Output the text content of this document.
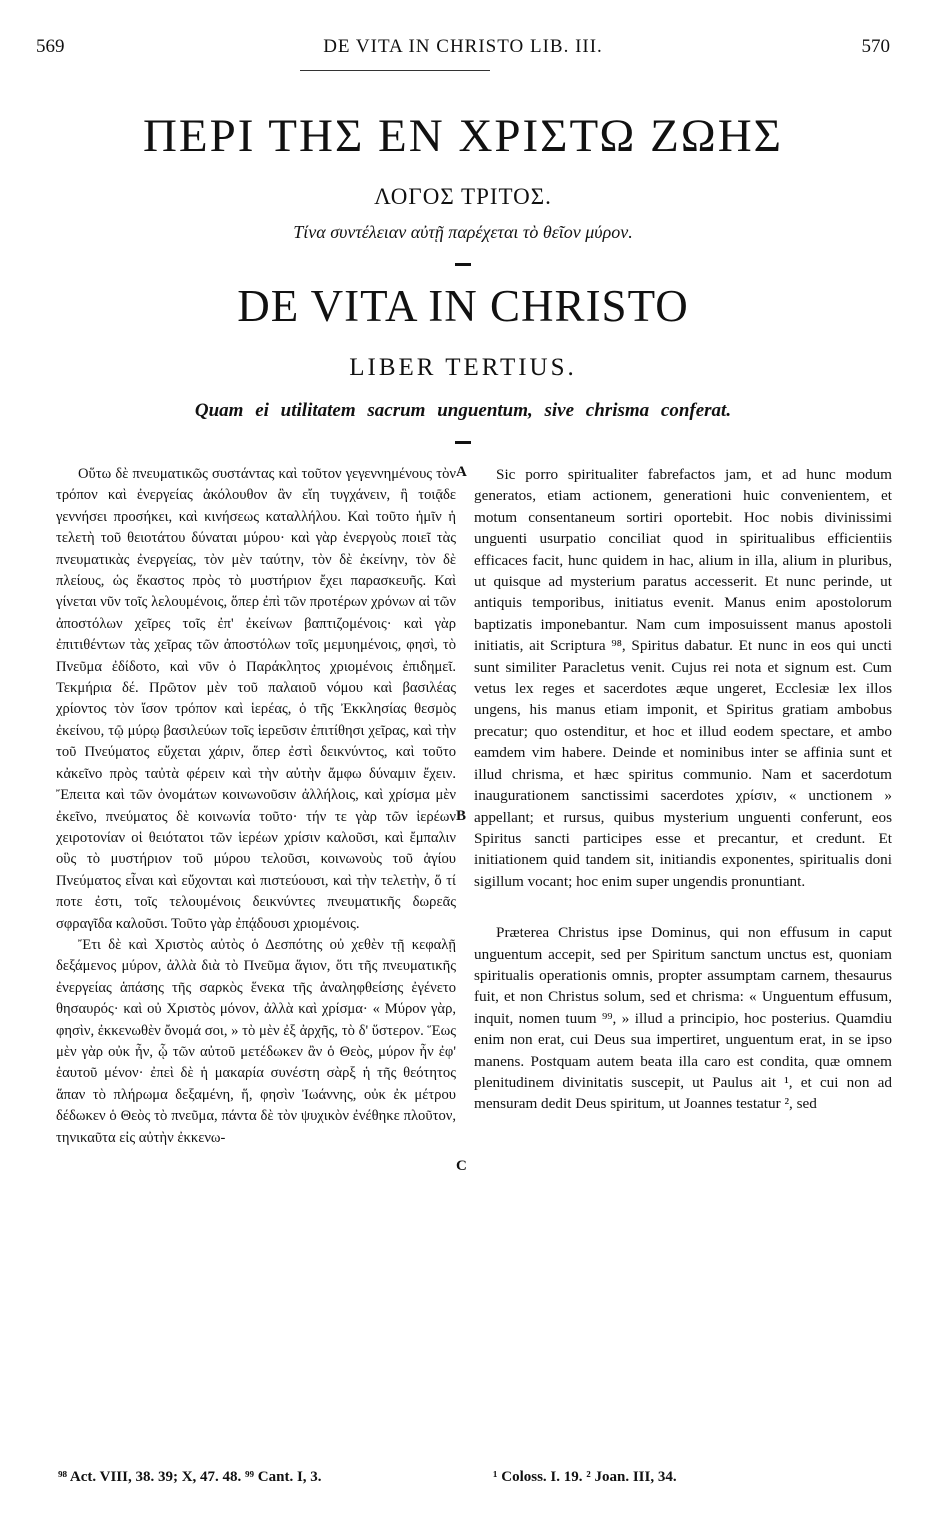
569	DE VITA IN CHRISTO LIB. III.	570
ΠΕΡΙ ΤΗΣ ΕΝ ΧΡΙΣΤΩ ΖΩΗΣ
ΛΟΓΟΣ ΤΡΙΤΟΣ.
Τίνα συντέλειαν αὐτῇ παρέχεται τὸ θεῖον μύρον.
DE VITA IN CHRISTO
LIBER TERTIUS.
Quam ei utilitatem sacrum unguentum, sive chrisma conferat.

Οὕτω δὲ πνευματικῶς συστάντας καὶ τοῦτον γεγεννημένους τὸν τρόπον καὶ ἐνεργείας ἀκόλουθον ἂν εἴη τυγχάνειν, ἣ τοιᾷδε γεννήσει προσήκει, καὶ κινήσεως καταλλήλου. Καὶ τοῦτο ἡμῖν ἡ τελετὴ τοῦ θειοτάτου δύναται μύρου· καὶ γὰρ ἐνεργοὺς ποιεῖ τὰς πνευματικὰς ἐνεργείας, τὸν μὲν ταύτην, τὸν δὲ ἐκείνην, τὸν δὲ πλείους, ὡς ἕκαστος πρὸς τὸ μυστήριον ἔχει παρασκευῆς. Καὶ γίνεται νῦν τοῖς λελουμένοις, ὅπερ ἐπὶ τῶν προτέρων χρόνων αἱ τῶν ἀποστόλων χεῖρες τοῖς ἐπ' ἐκείνων βαπτιζομένοις· καὶ γὰρ ἐπιτιθέντων τὰς χεῖρας τῶν ἀποστόλων τοῖς μεμυημένοις, φησὶ, τὸ Πνεῦμα ἐδίδοτο, καὶ νῦν ὁ Παράκλητος χριομένοις ἐπιδημεῖ. Τεκμήρια δέ. Πρῶτον μὲν τοῦ παλαιοῦ νόμου καὶ βασιλέας χρίοντος τὸν ἴσον τρόπον καὶ ἱερέας, ὁ τῆς Ἐκκλησίας θεσμὸς ἐκείνου, τῷ μύρῳ βασιλεύων τοῖς ἱερεῦσιν ἐπιτίθησι χεῖρας, καὶ τὴν τοῦ Πνεύματος εὔχεται χάριν, ὅπερ ἐστὶ δεικνύντος, καὶ τοῦτο κἀκεῖνο πρὸς ταὐτὰ φέρειν καὶ τὴν αὐτὴν ἄμφω δύναμιν ἔχειν. Ἔπειτα καὶ τῶν ὀνομάτων κοινωνοῦσιν ἀλλήλοις, καὶ χρίσμα μὲν ἐκεῖνο, πνεύματος δὲ κοινωνία τοῦτο· τήν τε γὰρ τῶν ἱερέων χειροτονίαν οἱ θειότατοι τῶν ἱερέων χρίσιν καλοῦσι, καὶ ἔμπαλιν οὓς τὸ μυστήριον τοῦ μύρου τελοῦσι, κοινωνοὺς τοῦ ἁγίου Πνεύματος εἶναι καὶ εὔχονται καὶ πιστεύουσι, καὶ τὴν τελετὴν, ὅ τί ποτε ἐστι, τοῖς τελουμένοις δεικνύντες πνευματικῆς δωρεᾶς σφραγῖδα καλοῦσι. Τοῦτο γὰρ ἐπᾴδουσι χριομένοις.

Ἔτι δὲ καὶ Χριστὸς αὐτὸς ὁ Δεσπότης οὐ χεθὲν τῇ κεφαλῇ δεξάμενος μύρον, ἀλλὰ διὰ τὸ Πνεῦμα ἅγιον, ὅτι τῆς πνευματικῆς ἐνεργείας ἁπάσης τῆς σαρκὸς ἕνεκα τῆς ἀναληφθείσης ἐγένετο θησαυρός· καὶ οὐ Χριστὸς μόνον, ἀλλὰ καὶ χρίσμα· « Μύρον γὰρ, φησὶν, ἐκκενωθὲν ὄνομά σοι, » τὸ μὲν ἐξ ἀρχῆς, τὸ δ' ὕστερον. Ἕως μὲν γὰρ οὐκ ἦν, ᾧ τῶν αὐτοῦ μετέδωκεν ἂν ὁ Θεὸς, μύρον ἦν ἐφ' ἑαυτοῦ μένον· ἐπεὶ δὲ ἡ μακαρία συνέστη σὰρξ ἡ τῆς θεότητος ἅπαν τὸ πλήρωμα δεξαμένη, ἥ, φησὶν Ἰωάννης, οὐκ ἐκ μέτρου δέδωκεν ὁ Θεὸς τὸ πνεῦμα, πάντα δὲ τὸν ψυχικὸν ἐνέθηκε πλοῦτον, τηνικαῦτα εἰς αὐτὴν ἐκκενω-

A
B
C

Sic porro spiritualiter fabrefactos jam, et ad hunc modum generatos, etiam actionem, generationi huic convenientem, et motum consentaneum sortiri oportebit. Hoc nobis divinissimi unguenti usurpatio conciliat quod in spiritualibus efficientiis efficaces facit, hunc quidem in hac, alium in illa, alium in pluribus, ut quisque ad mysterium paratus accesserit. Et nunc perinde, ut antiquis temporibus, initiatus evenit. Manus enim apostolorum baptizatis imponebantur. Nam cum imposuissent manus apostoli initiatis, ait Scriptura ⁹⁸, Spiritus dabatur. Et nunc in eos qui uncti sunt similiter Paracletus venit. Cujus rei nota et signum est. Cum vetus lex reges et sacerdotes æque ungeret, Ecclesiæ lex illos ungens, his manus etiam imponit, et Spiritus gratiam ambobus precatur; quo ostenditur, et hoc et illud eodem spectare, et ambo eamdem vim habere. Deinde et nominibus inter se affinia sunt et illud chrisma, et hæc spiritus communio. Nam et sacerdotum inaugurationem sanctissimi sacerdotes χρίσιν, « unctionem » appellant; et rursus, quibus mysterium unguenti conferunt, eos Spiritus sancti participes esse et precantur, et credunt. Et initiationem quid tandem sit, initiandis exponentes, spiritualis doni sigillum vocant; hoc enim super ungendis pronuntiant.

Præterea Christus ipse Dominus, qui non effusum in caput unguentum accepit, sed per Spiritum sanctum unctus est, quoniam spiritualis operationis omnis, propter assumptam carnem, thesaurus fuit, et non Christus solum, sed et chrisma: « Unguentum effusum, inquit, nomen tuum ⁹⁹, » illud a principio, hoc posterius. Quamdiu enim non erat, cui Deus sua impertiret, unguentum erat, in se ipso manens. Postquam autem beata illa caro est condita, quæ omnem plenitudinem divinitatis suscepit, ut Paulus ait ¹, et cui non ad mensuram dedit Deus spiritum, ut Joannes testatur ², sed

⁹⁸ Act. VIII, 38. 39; X, 47. 48. ⁹⁹ Cant. I, 3.	¹ Coloss. I. 19. ² Joan. III, 34.
